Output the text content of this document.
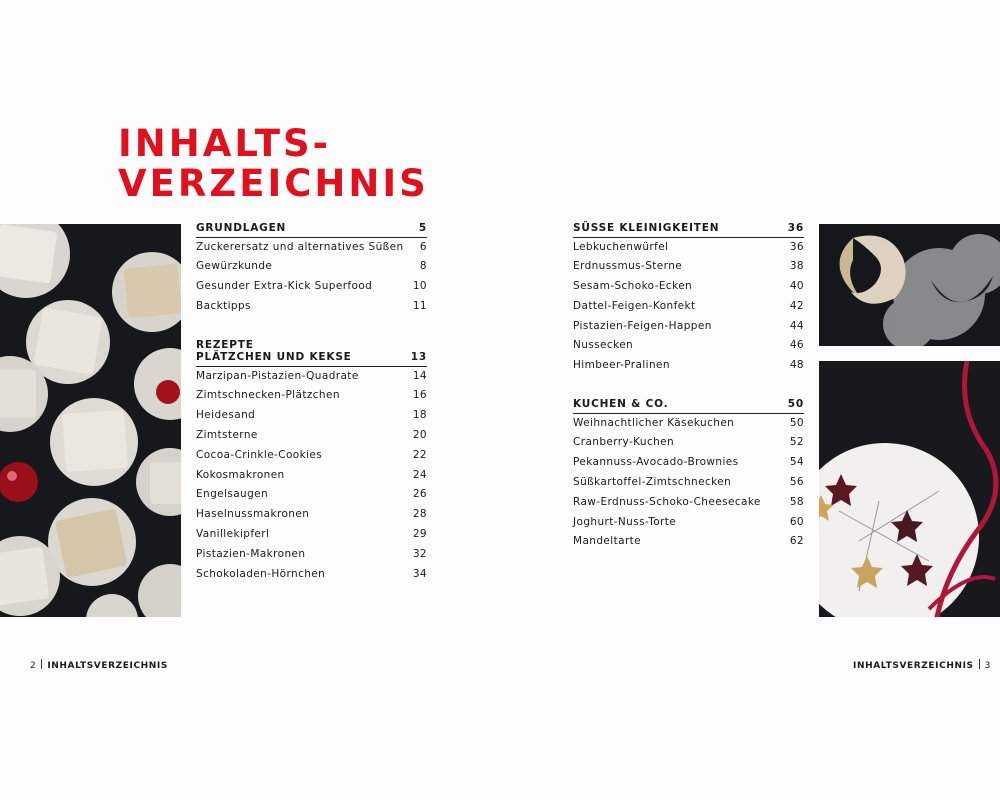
INHALTS-
VERZEICHNIS
GRUNDLAGEN	5
Zuckerersatz und alternatives Süßen 6
Gewürzkunde	8
Gesunder Extra-Kick Superfood	10
Backtipps	11
REZEPTE
PLÄTZCHEN UND KEKSE	13
Marzipan-Pistazien-Quadrate	14
Zimtschnecken-Plätzchen	16
Heidesand	18
Zimtsterne	20
Cocoa-Crinkle-Cookies	22
Kokosmakronen	24
Engelsaugen	26
Haselnussmakronen	28
Vanillekipferl	29
Pistazien-Makronen	32
Schokoladen-Hörnchen	34
SÜSSE KLEINIGKEITEN	36
Lebkuchenwürfel	36
Erdnussmus-Sterne	38
Sesam-Schoko-Ecken	40
Dattel-Feigen-Konfekt	42
Pistazien-Feigen-Happen	44
Nussecken	46
Himbeer-Pralinen	48
KUCHEN & CO.	50
Weihnachtlicher Käsekuchen	50
Cranberry-Kuchen	52
Pekannuss-Avocado-Brownies	54
Süßkartoffel-Zimtschnecken	56
Raw-Erdnuss-Schoko-Cheesecake	58
Joghurt-Nuss-Torte	60
Mandeltarte	62
2 INHALTSVERZEICHNIS	INHALTSVERZEICHNIS 3
